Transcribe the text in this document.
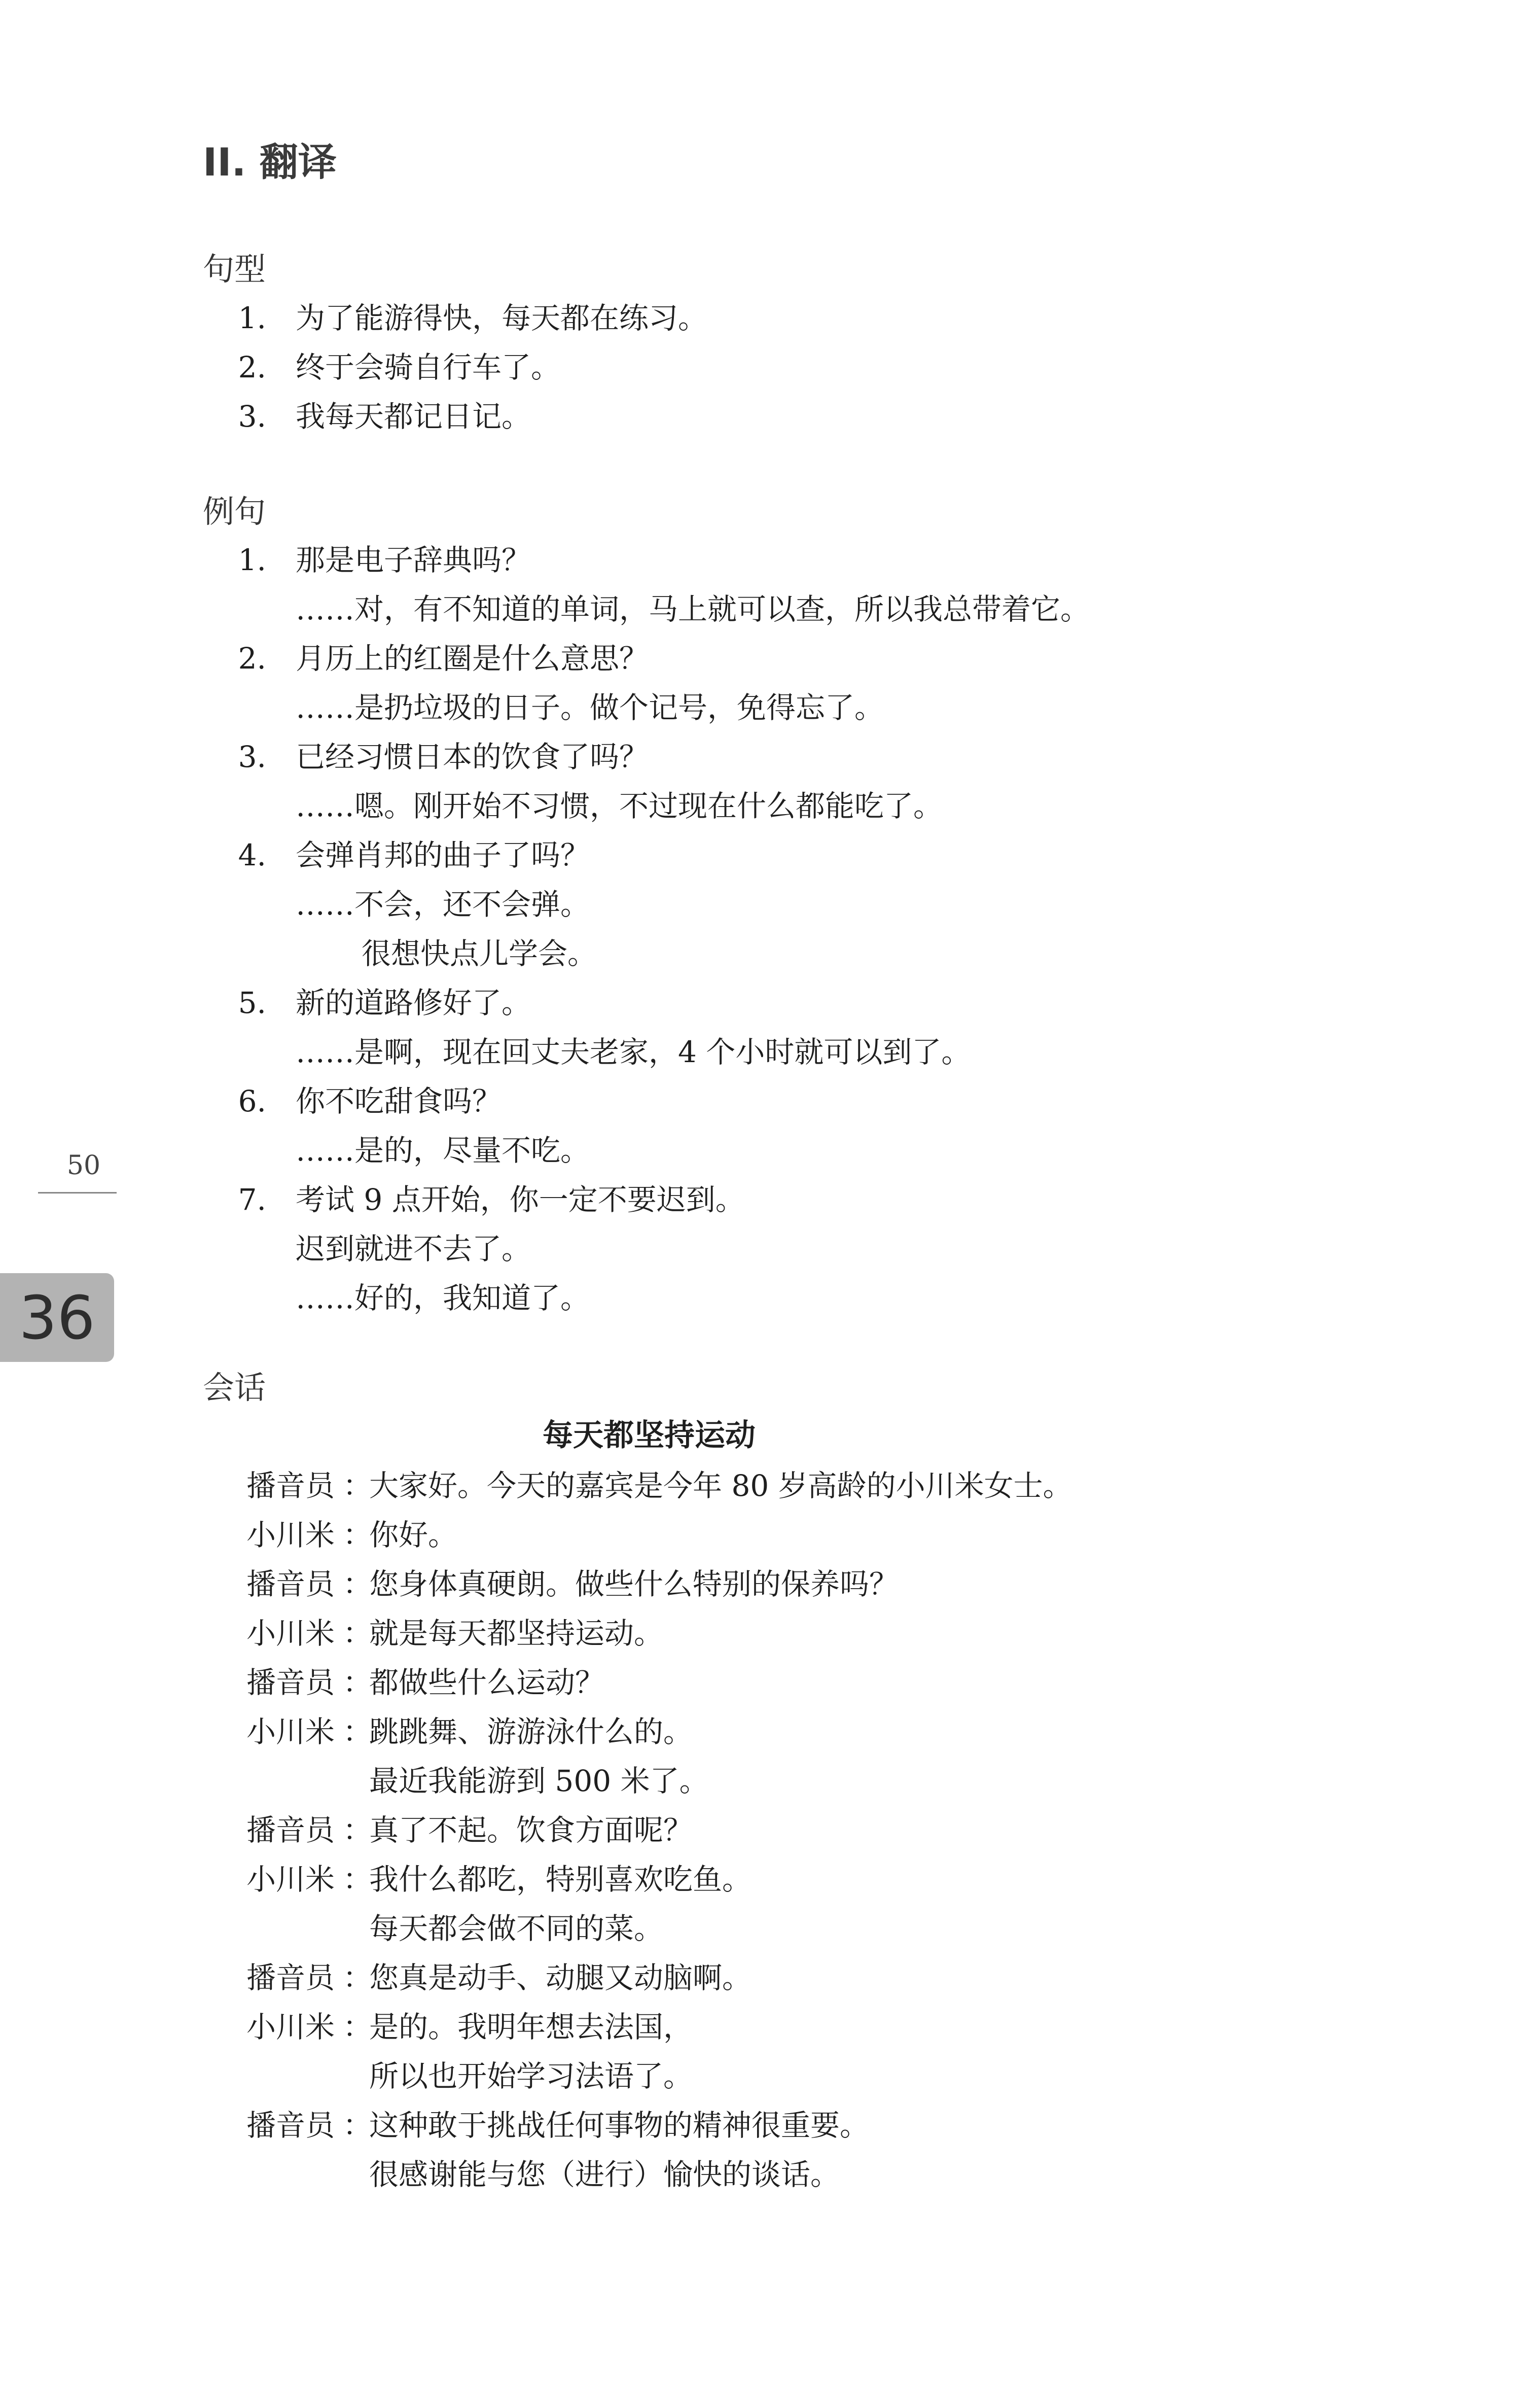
II. 翻译
句型
1. 为了能游得快，每天都在练习。
2. 终于会骑自行车了。
3. 我每天都记日记。
例句
1. 那是电子辞典吗？
……对，有不知道的单词，马上就可以查，所以我总带着它。
2. 月历上的红圈是什么意思？
……是扔垃圾的日子。做个记号，免得忘了。
3. 已经习惯日本的饮食了吗？
……嗯。刚开始不习惯，不过现在什么都能吃了。
4. 会弹肖邦的曲子了吗？
……不会，还不会弹。
很想快点儿学会。
5. 新的道路修好了。
……是啊，现在回丈夫老家，4 个小时就可以到了。
6. 你不吃甜食吗？
……是的，尽量不吃。
7. 考试 9 点开始，你一定不要迟到。
迟到就进不去了。
……好的，我知道了。
会话
每天都坚持运动
播音员 ：
大家好。今天的嘉宾是今年 80 岁高龄的小川米女士。
小川米 ：
你好。
播音员 ：
您身体真硬朗。做些什么特别的保养吗？
小川米 ：
就是每天都坚持运动。
播音员 ：
都做些什么运动？
小川米 ：
跳跳舞、游游泳什么的。
最近我能游到 500 米了。
播音员 ：
真了不起。饮食方面呢？
小川米 ：
我什么都吃，特别喜欢吃鱼。
每天都会做不同的菜。
播音员 ：
您真是动手、动腿又动脑啊。
小川米 ：
是的。我明年想去法国，
所以也开始学习法语了。
播音员 ：
这种敢于挑战任何事物的精神很重要。
很感谢能与您（进行）愉快的谈话。
50
36
